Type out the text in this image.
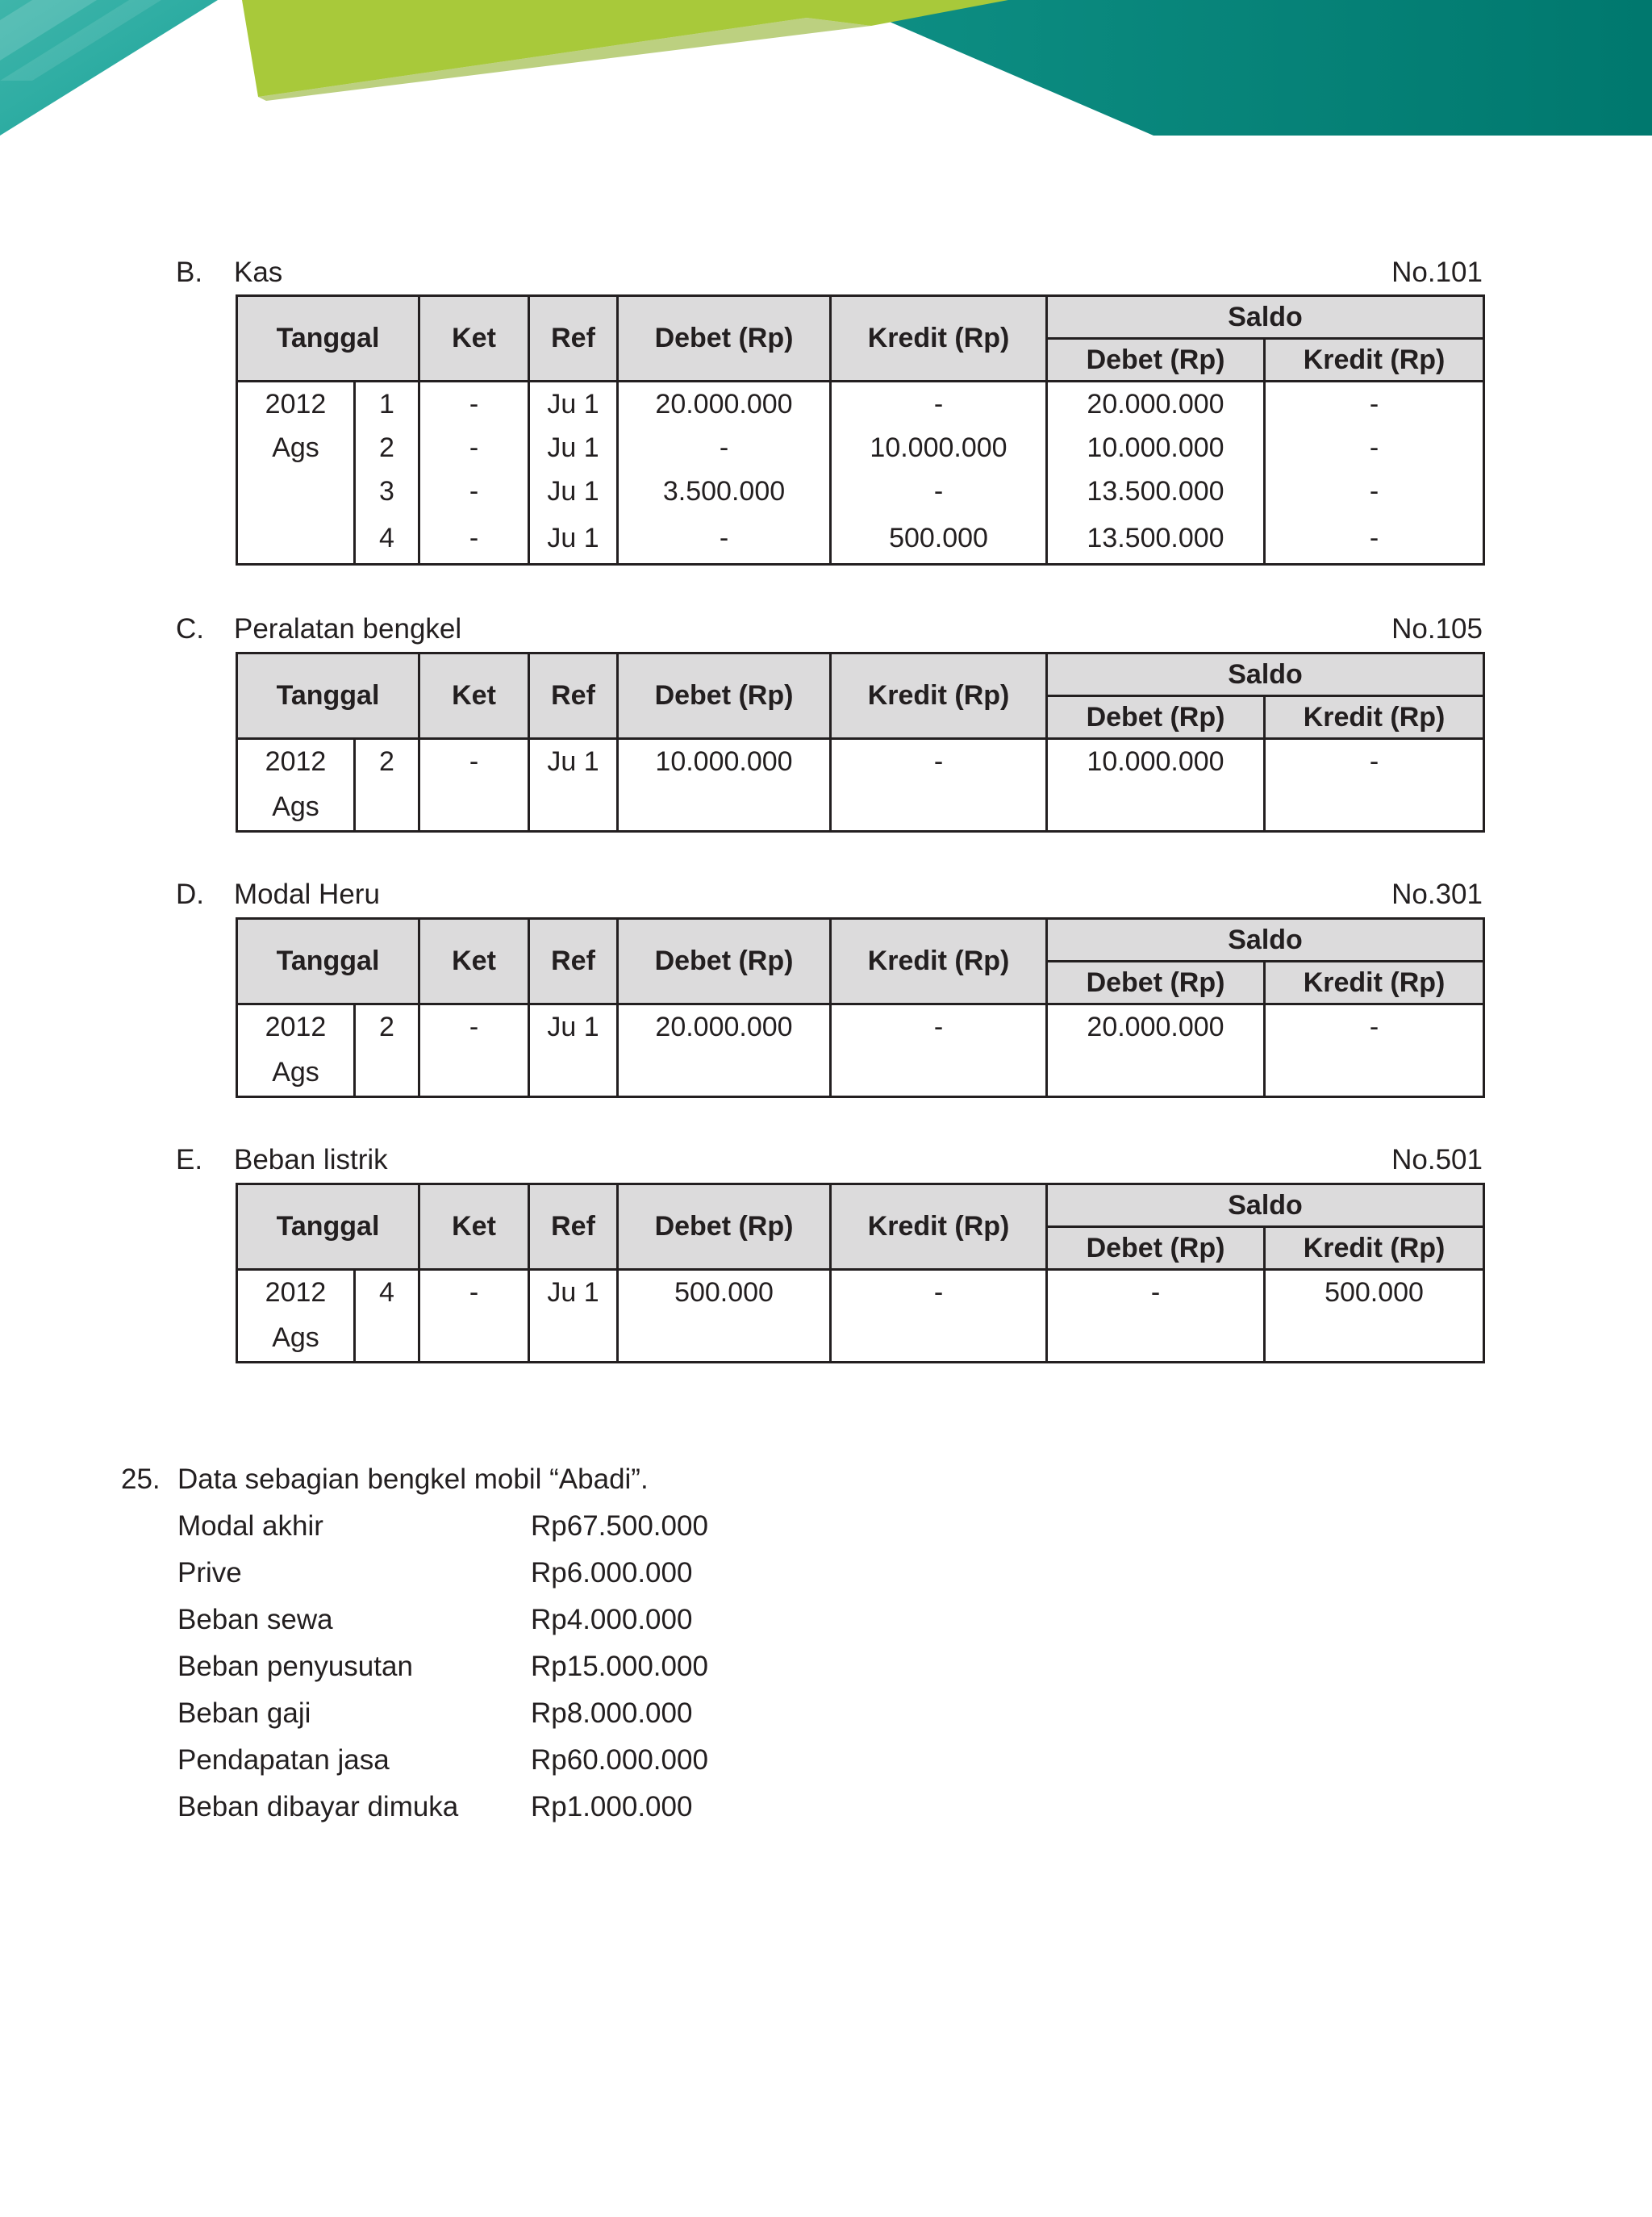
B. Kas	No.101
Tanggal		Ket	Ref	Debet (Rp)	Kredit (Rp)	Saldo	
						Debet (Rp)	Kredit (Rp)
2012	1	-	Ju 1	20.000.000	-	20.000.000	-
Ags	2	-	Ju 1	-	10.000.000	10.000.000	-
	3	-	Ju 1	3.500.000	-	13.500.000	-
	4	-	Ju 1	-	500.000	13.500.000	-
C. Peralatan bengkel	No.105
Tanggal		Ket	Ref	Debet (Rp)	Kredit (Rp)	Saldo	
						Debet (Rp)	Kredit (Rp)
2012	2	-	Ju 1	10.000.000	-	10.000.000	-
Ags							
D. Modal Heru	No.301
Tanggal		Ket	Ref	Debet (Rp)	Kredit (Rp)	Saldo	
						Debet (Rp)	Kredit (Rp)
2012	2	-	Ju 1	20.000.000	-	20.000.000	-
Ags							
E. Beban listrik	No.501
Tanggal		Ket	Ref	Debet (Rp)	Kredit (Rp)	Saldo	
						Debet (Rp)	Kredit (Rp)
2012	4	-	Ju 1	500.000	-	-	500.000
Ags							
25. Data sebagian bengkel mobil “Abadi”.
Modal akhir	Rp67.500.000
Prive	Rp6.000.000
Beban sewa	Rp4.000.000
Beban penyusutan	Rp15.000.000
Beban gaji	Rp8.000.000
Pendapatan jasa	Rp60.000.000
Beban dibayar dimuka	Rp1.000.000
